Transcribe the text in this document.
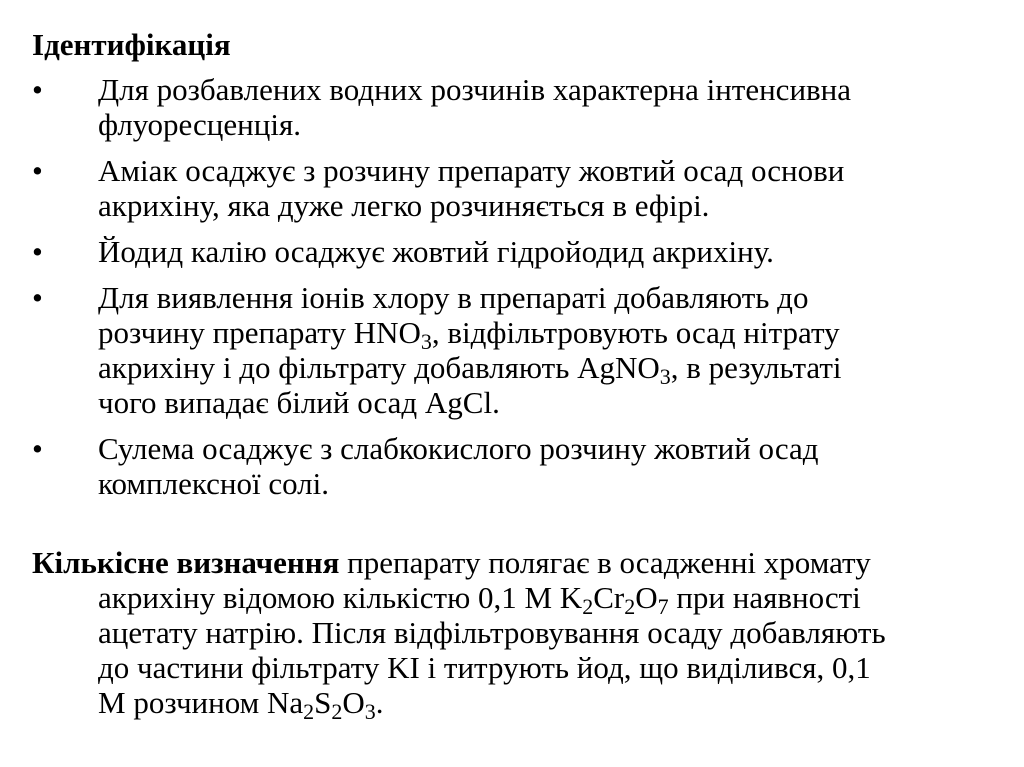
Ідентифікація
• Для розбавлених водних розчинів характерна інтенсивна
флуоресценція.
• Аміак осаджує з розчину препарату жовтий осад основи
акрихіну, яка дуже легко розчиняється в ефірі.
• Йодид калію осаджує жовтий гідройодид акрихіну.
• Для виявлення іонів хлору в препараті добавляють до
розчину препарату $HNO_3$, відфільтровують осад нітрату
акрихіну і до фільтрату добавляють AgNO$_3$, в результаті
чого випадає білий осад AgCl.
• Сулема осаджує з слабкокислого розчину жовтий осад
комплексної солі.
Кількісне визначення препарату полягає в осадженні хромату
акрихіну відомою кількістю 0,1 М $K_2Cr_2O_7$ при наявності
ацетату натрію. Після відфільтровування осаду добавляють
до частини фільтрату KI і титрують йод, що виділився, 0,1
М розчином $Na_2S_2O_3$.
